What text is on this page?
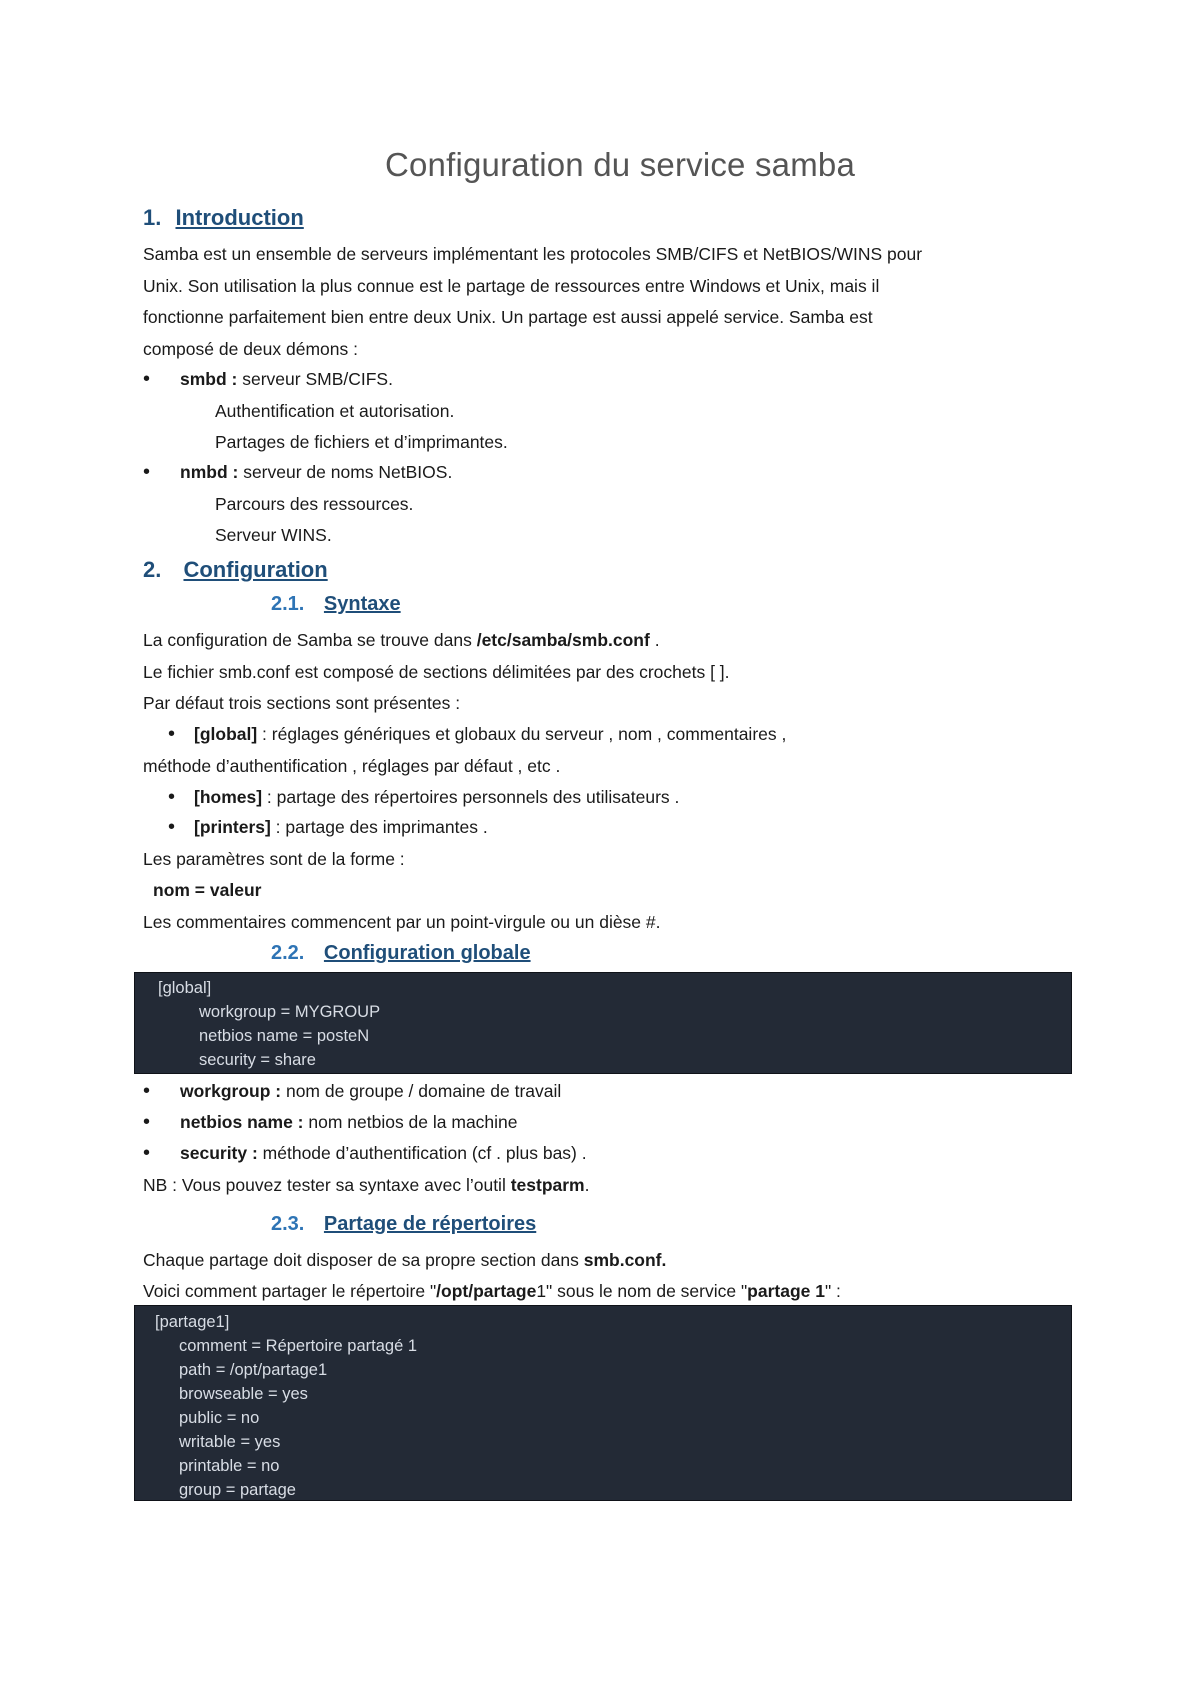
Configuration du service samba
1. Introduction
Samba est un ensemble de serveurs implémentant les protocoles SMB/CIFS et NetBIOS/WINS pour
Unix. Son utilisation la plus connue est le partage de ressources entre Windows et Unix, mais il
fonctionne parfaitement bien entre deux Unix. Un partage est aussi appelé service. Samba est
composé de deux démons :
• smbd : serveur SMB/CIFS.
Authentification et autorisation.
Partages de fichiers et d’imprimantes.
• nmbd : serveur de noms NetBIOS.
Parcours des ressources.
Serveur WINS.
2. Configuration
2.1. Syntaxe
La configuration de Samba se trouve dans /etc/samba/smb.conf .
Le fichier smb.conf est composé de sections délimitées par des crochets [ ].
Par défaut trois sections sont présentes :
• [global] : réglages génériques et globaux du serveur , nom , commentaires ,
méthode d’authentification , réglages par défaut , etc .
• [homes] : partage des répertoires personnels des utilisateurs .
• [printers] : partage des imprimantes .
Les paramètres sont de la forme :
nom = valeur
Les commentaires commencent par un point-virgule ou un dièse #.
2.2. Configuration globale
[global]
workgroup = MYGROUP
netbios name = posteN
security = share
• workgroup : nom de groupe / domaine de travail
• netbios name : nom netbios de la machine
• security : méthode d’authentification (cf . plus bas) .
NB : Vous pouvez tester sa syntaxe avec l’outil testparm.
2.3. Partage de répertoires
Chaque partage doit disposer de sa propre section dans smb.conf.
Voici comment partager le répertoire "/opt/partage1" sous le nom de service "partage 1" :
[partage1]
comment = Répertoire partagé 1
path = /opt/partage1
browseable = yes
public = no
writable = yes
printable = no
group = partage
